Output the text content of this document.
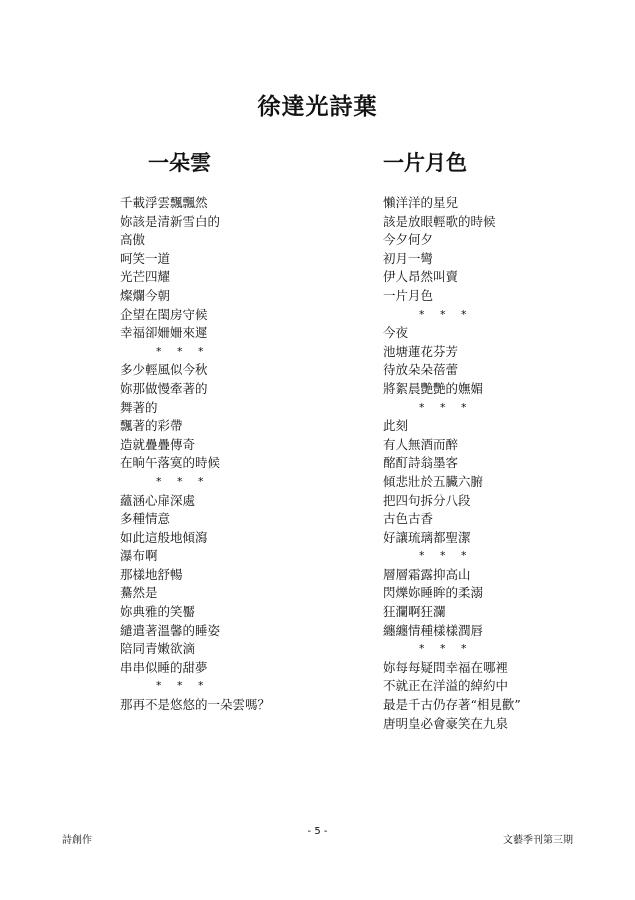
徐達光詩葉
一朵雲
千載浮雲飄飄然
妳該是清新雪白的
高傲
呵笑一道
光芒四耀
燦爛今朝
企望在閨房守候
幸福卻姍姍來遲
* * *
多少輕風似今秋
妳那做慢牽著的
舞著的
飄著的彩帶
造就疊疊傳奇
在晌午落寞的時候
* * *
蘊涵心扉深處
多種情意
如此這般地傾瀉
瀑布啊
那樣地舒暢
驀然是
妳典雅的笑靨
繾遣著溫馨的睡姿
陪同青嫩欲滴
串串似睡的甜夢
* * *
那再不是悠悠的一朵雲嗎？
一片月色
懶洋洋的星兒
該是放眼輕歌的時候
今夕何夕
初月一彎
伊人昂然叫賣
一片月色
* * *
今夜
池塘蓮花芬芳
待放朵朵蓓蕾
將絮晨艷艷的嫵媚
* * *
此刻
有人無酒而醉
酩酊詩翁墨客
傾悲壯於五臟六腑
把四句拆分八段
古色古香
好讓琉璃都聖潔
* * *
層層霜露抑高山
閃爍妳睡眸的柔溺
狂瀾啊狂瀾
纏纏情種樣樣潤唇
* * *
妳每每疑問幸福在哪裡
不就正在洋溢的綽約中
最是千古仍存著“相見歡”
唐明皇必會豪笑在九泉
詩創作
- 5 -
文藝季刊第三期
